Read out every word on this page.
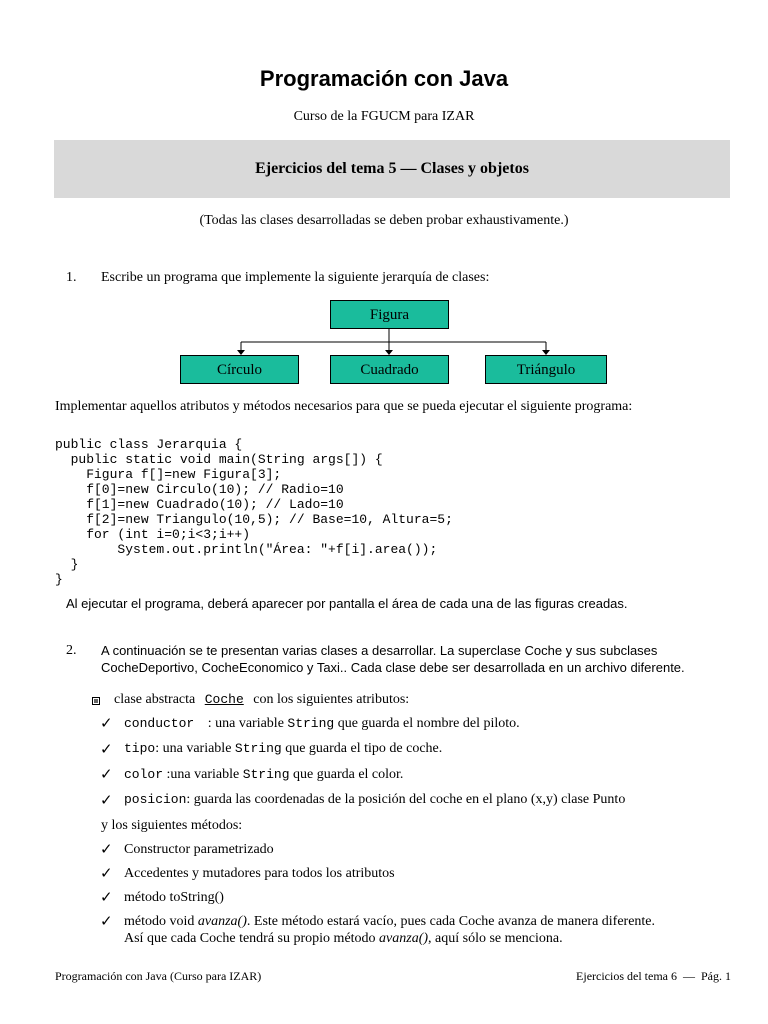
Programación con Java
Curso de la FGUCM para IZAR
Ejercicios del tema 5 — Clases y objetos
(Todas las clases desarrolladas se deben probar exhaustivamente.)
1. Escribe un programa que implemente la siguiente jerarquía de clases:
Figura
Círculo	Cuadrado	Triángulo
Implementar aquellos atributos y métodos necesarios para que se pueda ejecutar el siguiente programa:
public class Jerarquia {
public static void main(String args[]) {
Figura f[]=new Figura[3];
f[0]=new Circulo(10); // Radio=10
f[1]=new Cuadrado(10); // Lado=10
f[2]=new Triangulo(10,5); // Base=10, Altura=5;
for (int i=0;i<3;i++)
System.out.println("Área: "+f[i].area());
}
}
Al ejecutar el programa, deberá aparecer por pantalla el área de cada una de las figuras creadas.
2. A continuación se te presentan varias clases a desarrollar. La superclase Coche y sus subclases
CocheDeportivo, CocheEconomico y Taxi.. Cada clase debe ser desarrollada en un archivo diferente.
clase abstracta Coche con los siguientes atributos:
✓ conductor : una variable String que guarda el nombre del piloto.
✓ tipo: una variable String que guarda el tipo de coche.
✓ color :una variable String que guarda el color.
✓ posicion: guarda las coordenadas de la posición del coche en el plano (x,y) clase Punto
y los siguientes métodos:
✓ Constructor parametrizado
✓ Accedentes y mutadores para todos los atributos
✓ método toString()
✓ método void avanza(). Este método estará vacío, pues cada Coche avanza de manera diferente.
Así que cada Coche tendrá su propio método avanza(), aquí sólo se menciona.
Programación con Java (Curso para IZAR)	Ejercicios del tema 6  —  Pág. 1
